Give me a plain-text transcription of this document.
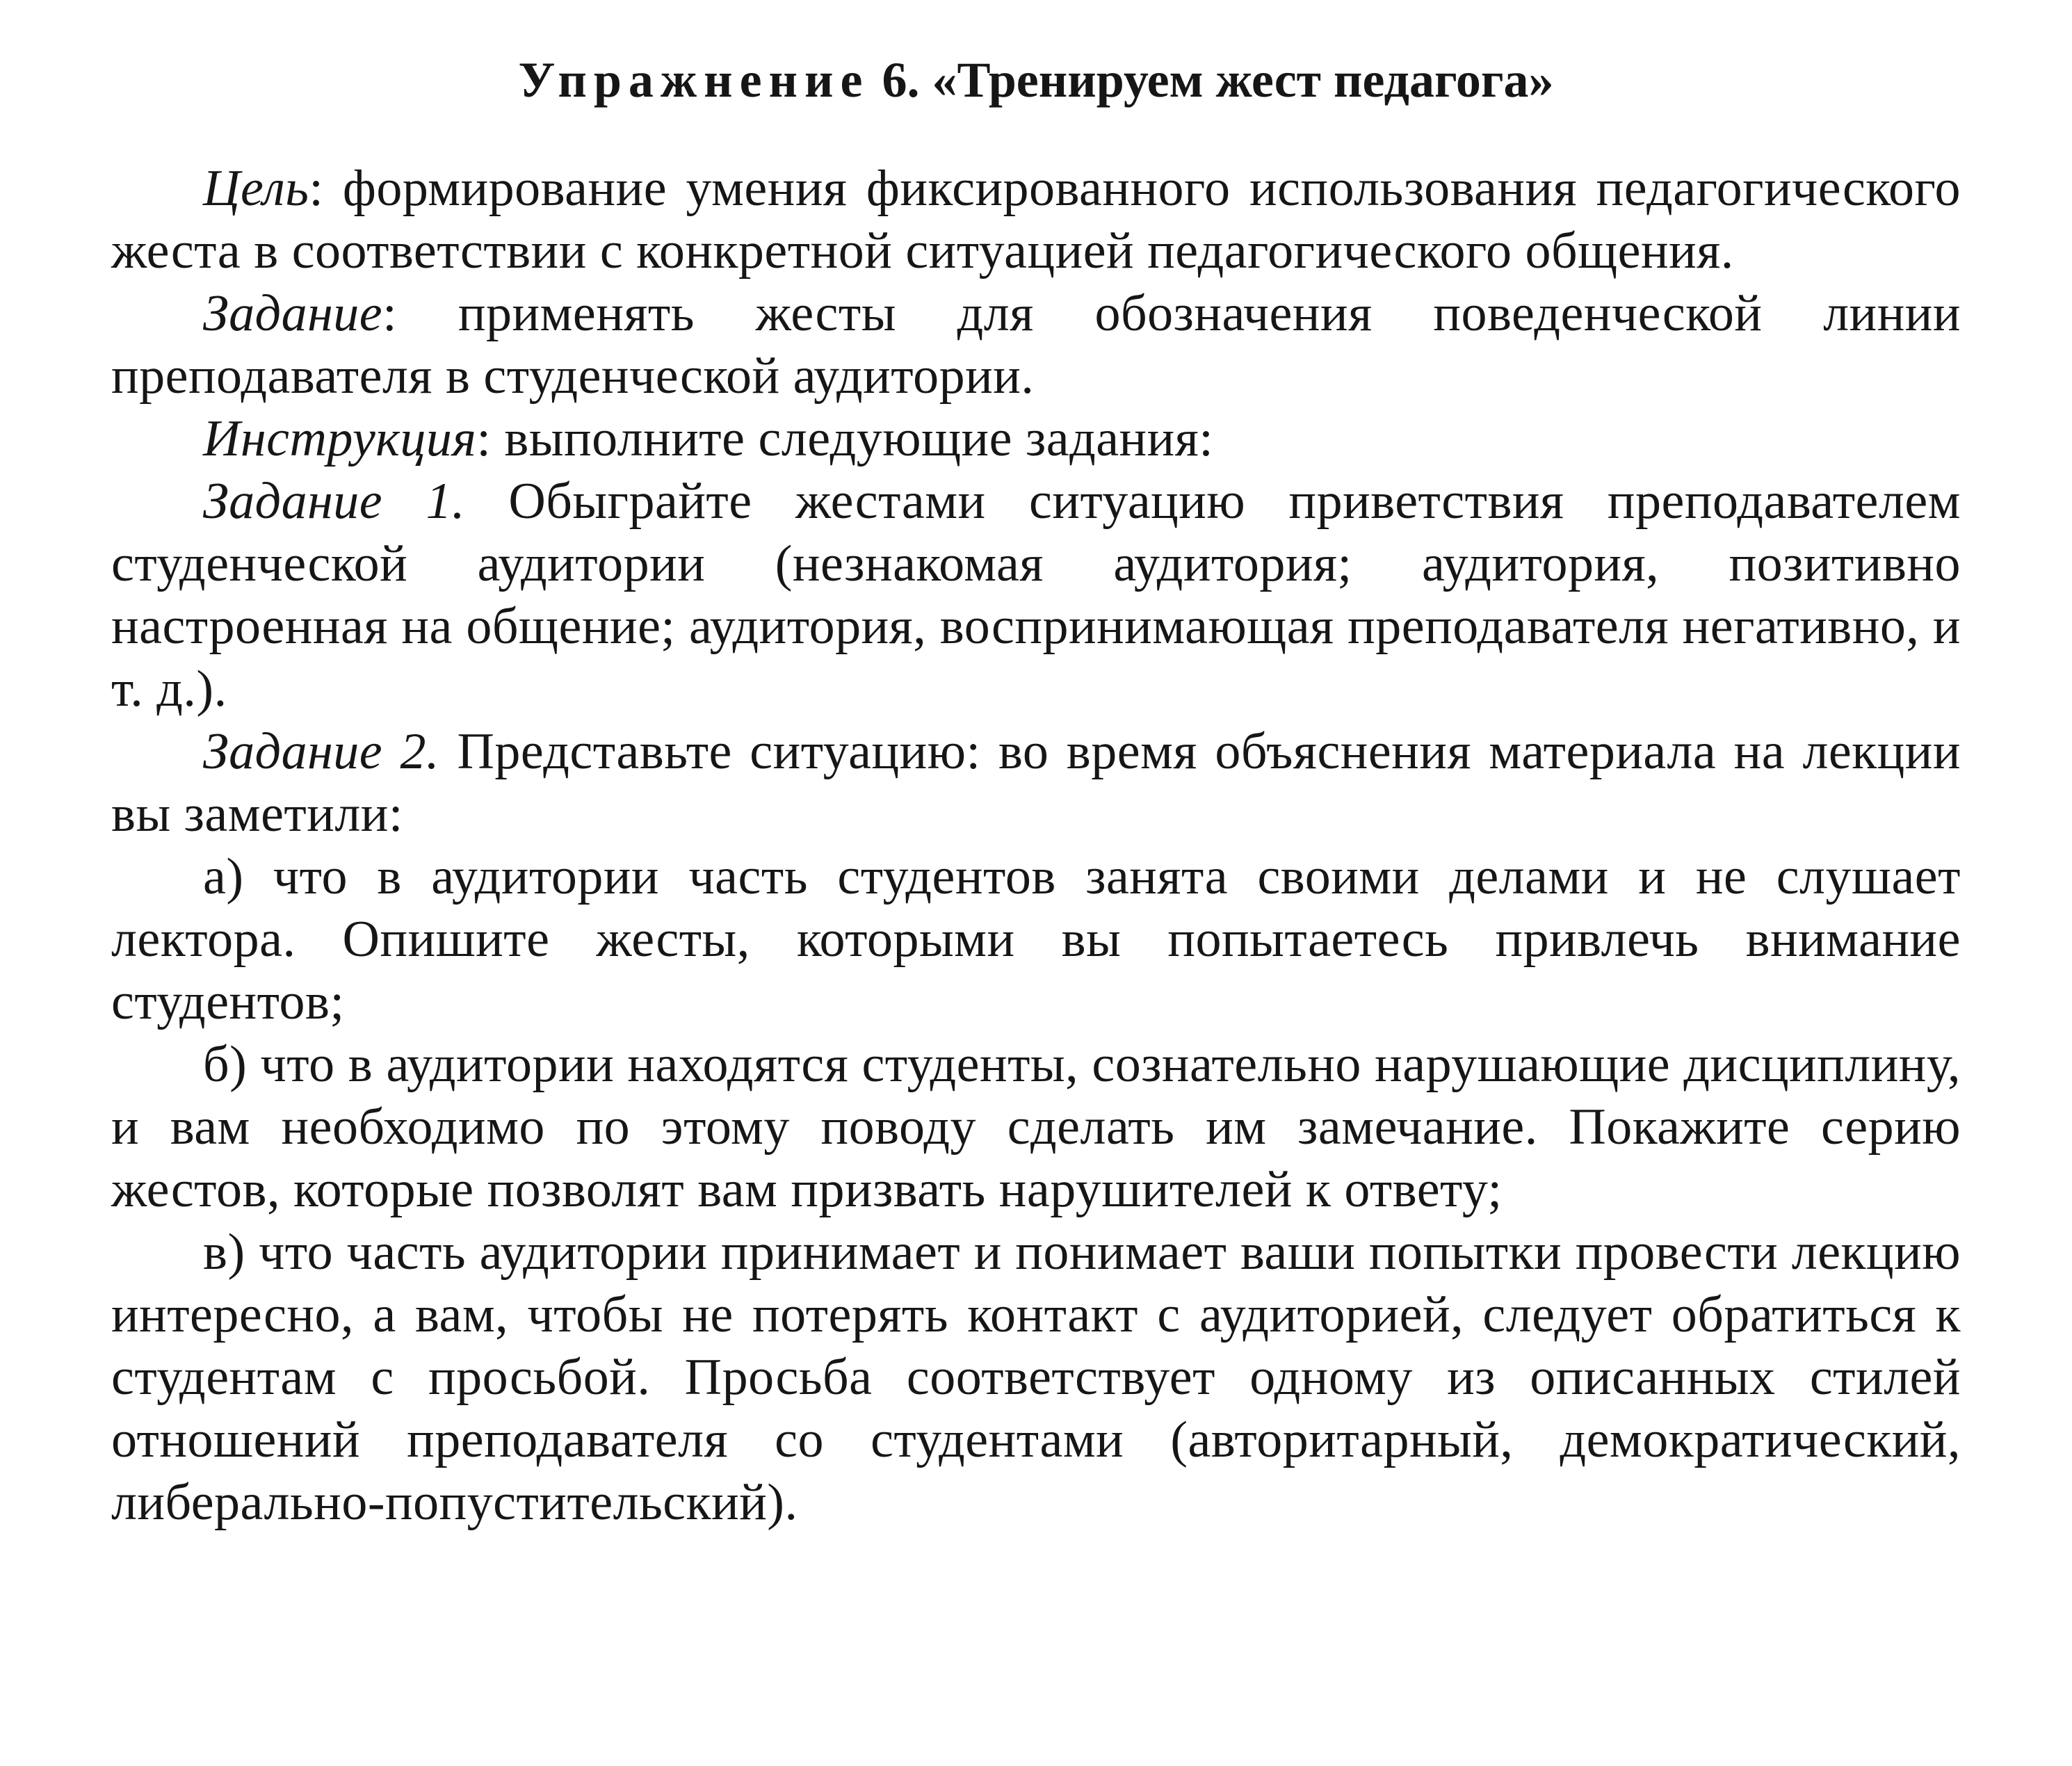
Упражнение 6. «Тренируем жест педагога»

Цель: формирование умения фиксированного использования педагогического жеста в соответствии с конкретной ситуацией педагогического общения.

Задание: применять жесты для обозначения поведенческой линии преподавателя в студенческой аудитории.

Инструкция: выполните следующие задания:

Задание 1. Обыграйте жестами ситуацию приветствия преподавателем студенческой аудитории (незнакомая аудитория; аудитория, позитивно настроенная на общение; аудитория, воспринимающая преподавателя негативно, и т. д.).

Задание 2. Представьте ситуацию: во время объяснения материала на лекции вы заметили:

а) что в аудитории часть студентов занята своими делами и не слушает лектора. Опишите жесты, которыми вы попытаетесь привлечь внимание студентов;

б) что в аудитории находятся студенты, сознательно нарушающие дисциплину, и вам необходимо по этому поводу сделать им замечание. Покажите серию жестов, которые позволят вам призвать нарушителей к ответу;

в) что часть аудитории принимает и понимает ваши попытки провести лекцию интересно, а вам, чтобы не потерять контакт с аудиторией, следует обратиться к студентам с просьбой. Просьба соответствует одному из описанных стилей отношений преподавателя со студентами (авторитарный, демократический, либерально-попустительский).
